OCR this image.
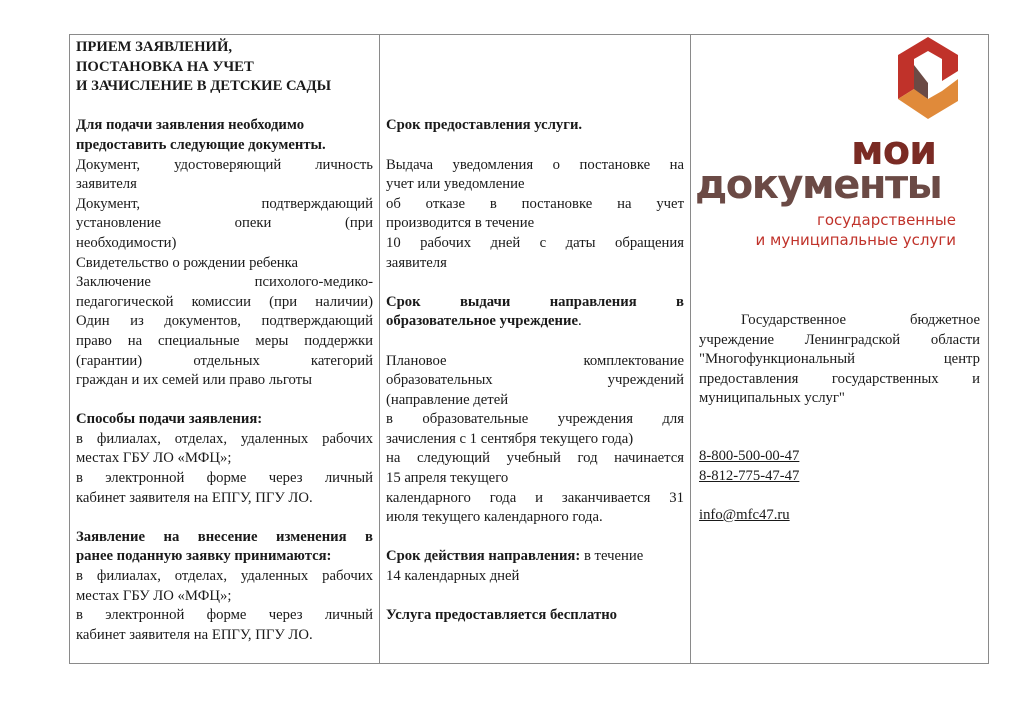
ПРИЕМ ЗАЯВЛЕНИЙ,

ПОСТАНОВКА НА УЧЕТ

И ЗАЧИСЛЕНИЕ В ДЕТСКИЕ САДЫ

Для подачи заявления необходимо

предоставить следующие документы.

Документ, удостоверяющий личность

заявителя

Документ, подтверждающий

установление опеки (при

необходимости)

Свидетельство о рождении ребенка

Заключение психолого-медико-

педагогической комиссии (при наличии)

Один из документов, подтверждающий

право на специальные меры поддержки

(гарантии) отдельных категорий

граждан и их семей или право льготы

Способы подачи заявления:

в филиалах, отделах, удаленных рабочих

местах ГБУ ЛО «МФЦ»;

в электронной форме через личный

кабинет заявителя на ЕПГУ, ПГУ ЛО.

Заявление на внесение изменения в

ранее поданную заявку принимаются:

в филиалах, отделах, удаленных рабочих

местах ГБУ ЛО «МФЦ»;

в электронной форме через личный

кабинет заявителя на ЕПГУ, ПГУ ЛО.

Срок предоставления услуги.

Выдача уведомления о постановке на

учет или уведомление

об отказе в постановке на учет

производится в течение

10 рабочих дней с даты обращения

заявителя

Срок выдачи направления в

образовательное учреждение.

Плановое комплектование

образовательных учреждений

(направление детей

в образовательные учреждения для

зачисления с 1 сентября текущего года)

на следующий учебный год начинается

15 апреля текущего

календарного года и заканчивается 31

июля текущего календарного года.

Срок действия направления: в течение

14 календарных дней

Услуга предоставляется бесплатно

мои
документы
государственные
и муниципальные услуги

Государственное бюджетное

учреждение Ленинградской области

"Многофункциональный центр

предоставления государственных и

муниципальных услуг"

8-800-500-00-47

8-812-775-47-47

info@mfc47.ru
